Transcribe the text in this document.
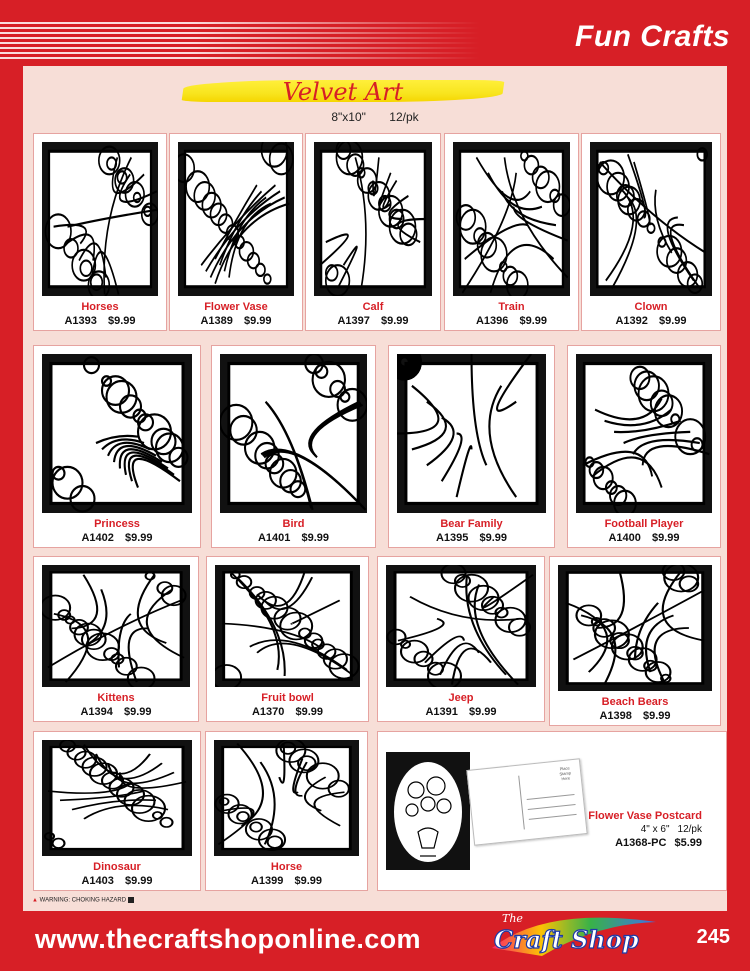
Fun Crafts
Velvet Art
8"x10" 12/pk
Horses
A1393 $9.99
Flower Vase
A1389 $9.99
Calf
A1397 $9.99
Train
A1396 $9.99
Clown
A1392 $9.99
Princess
A1402 $9.99
Bird
A1401 $9.99
Bear Family
A1395 $9.99
Football Player
A1400 $9.99
Kittens
A1394 $9.99
Fruit bowl
A1370 $9.99
Jeep
A1391 $9.99
Beach Bears
A1398 $9.99
Dinosaur
A1403 $9.99
Horse
A1399 $9.99
Place Stamp Here
Flower Vase Postcard
4" x 6" 12/pk
A1368-PC $5.99
▲ WARNING: CHOKING HAZARD
www.thecraftshoponline.com
The
Craft Shop	245
